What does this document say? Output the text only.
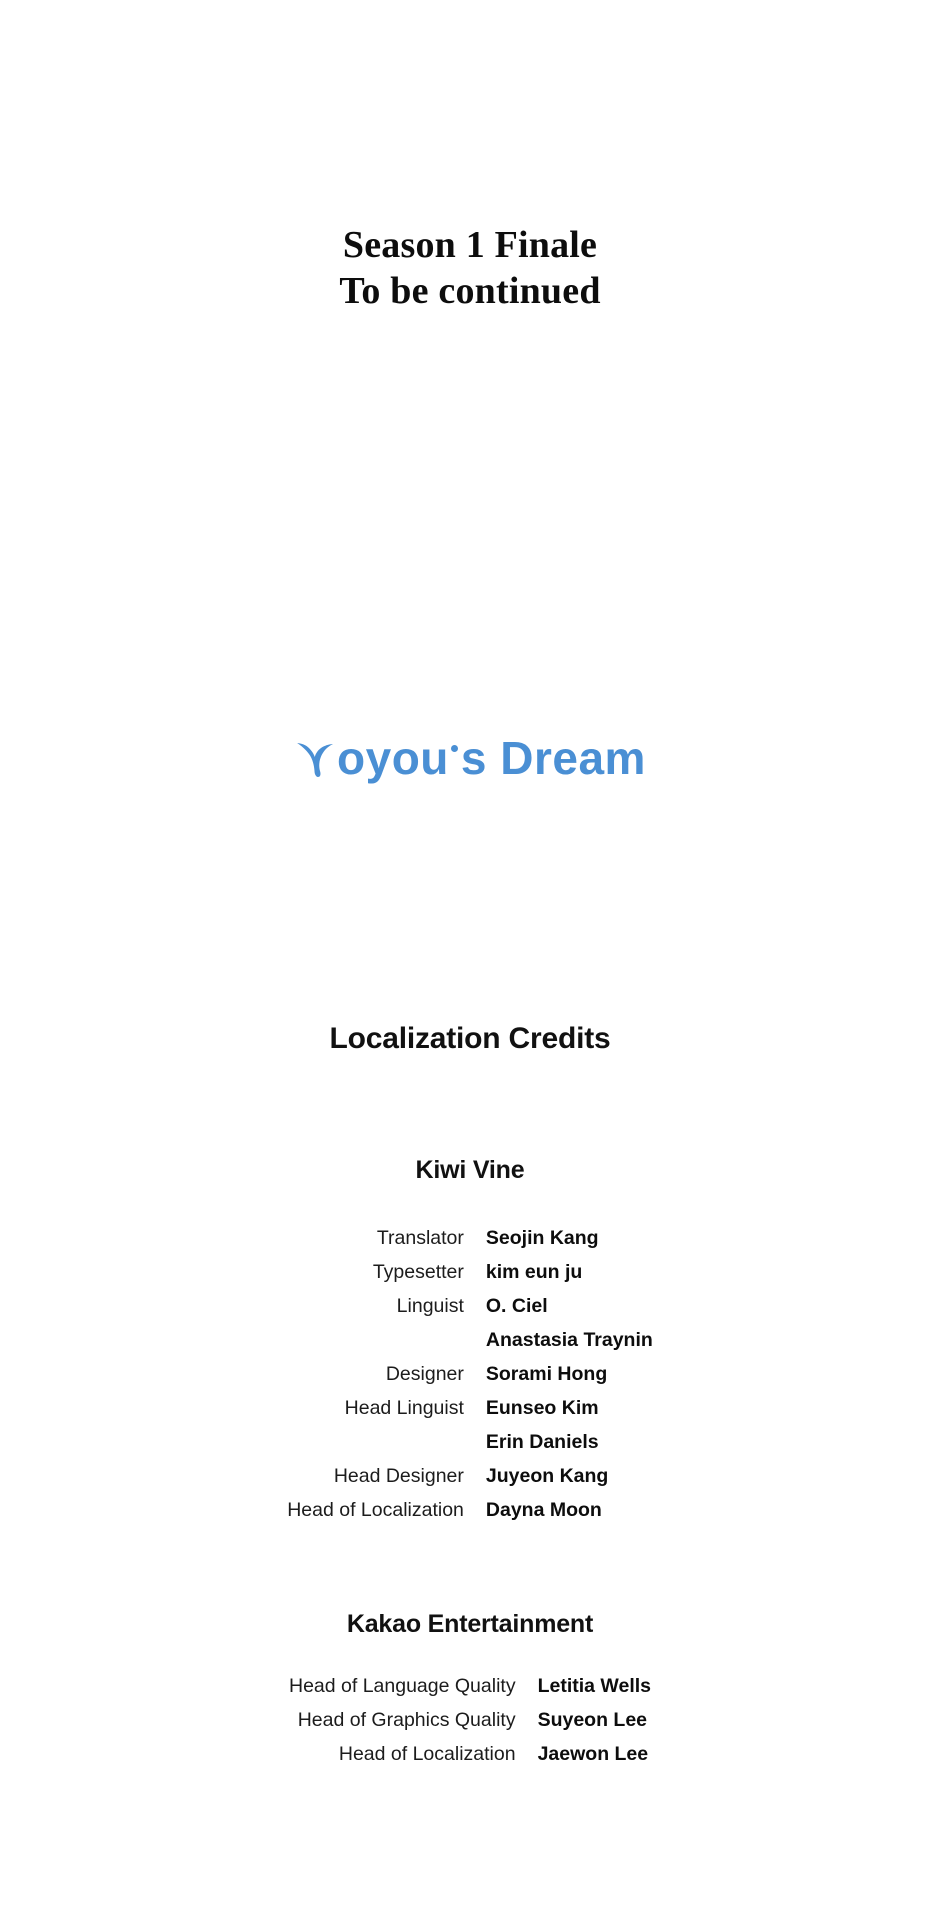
Season 1 Finale
To be continued
oyou s Dream
Localization Credits
Kiwi Vine
Translator	Seojin Kang
Typesetter	kim eun ju
Linguist	O. Ciel
	Anastasia Traynin
Designer	Sorami Hong
Head Linguist	Eunseo Kim
	Erin Daniels
Head Designer	Juyeon Kang
Head of Localization	Dayna Moon
Kakao Entertainment
Head of Language Quality	Letitia Wells
Head of Graphics Quality	Suyeon Lee
Head of Localization	Jaewon Lee
